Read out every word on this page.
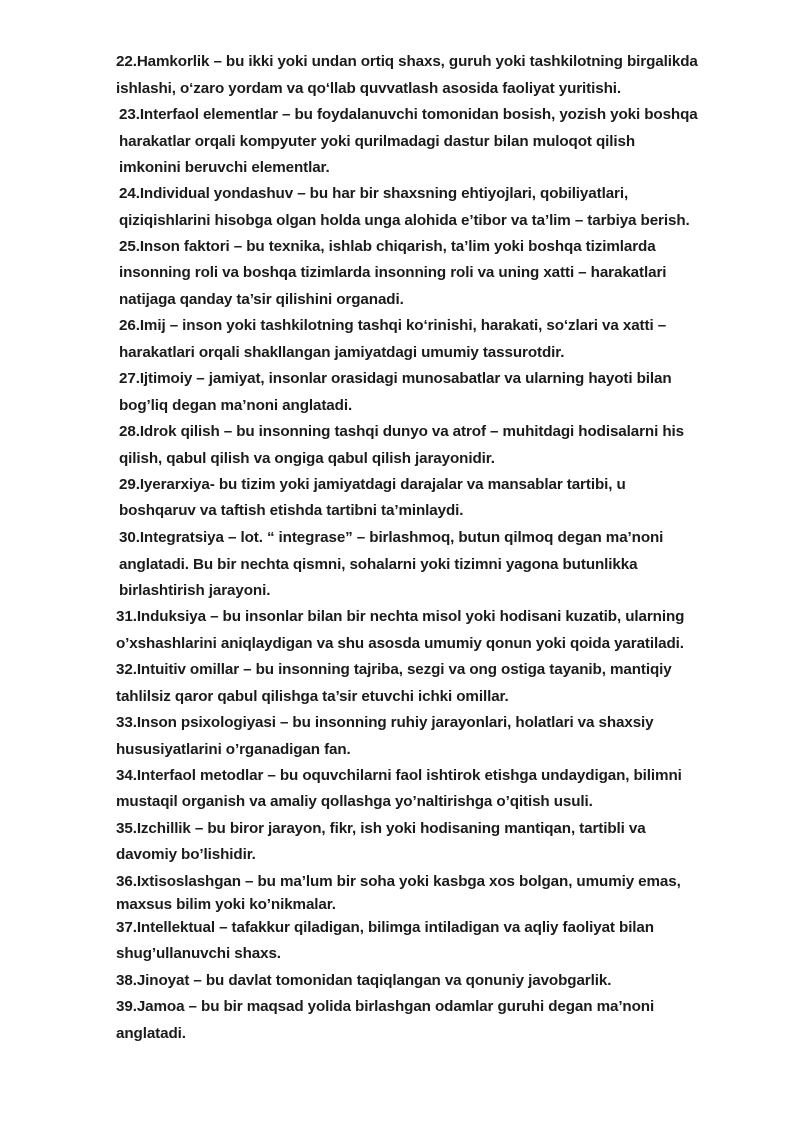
22.Hamkorlik – bu ikki yoki undan ortiq shaxs, guruh yoki tashkilotning birgalikda
ishlashi, o‘zaro yordam va qo‘llab quvvatlash asosida faoliyat yuritishi.
23.Interfaol elementlar – bu foydalanuvchi tomonidan bosish, yozish yoki boshqa
harakatlar orqali kompyuter yoki qurilmadagi dastur bilan muloqot qilish
imkonini beruvchi elementlar.
24.Individual yondashuv – bu har bir shaxsning ehtiyojlari, qobiliyatlari,
qiziqishlarini hisobga olgan holda unga alohida e’tibor va ta’lim – tarbiya berish.
25.Inson faktori – bu texnika, ishlab chiqarish, ta’lim yoki boshqa tizimlarda
insonning roli va boshqa tizimlarda insonning roli va uning xatti – harakatlari
natijaga qanday ta’sir qilishini organadi.
26.Imij – inson yoki tashkilotning tashqi ko‘rinishi, harakati, so‘zlari va xatti –
harakatlari orqali shakllangan jamiyatdagi umumiy tassurotdir.
27.Ijtimoiy – jamiyat, insonlar orasidagi munosabatlar va ularning hayoti bilan
bog’liq degan ma’noni anglatadi.
28.Idrok qilish – bu insonning tashqi dunyo va atrof – muhitdagi hodisalarni his
qilish, qabul qilish va ongiga qabul qilish jarayonidir.
29.Iyerarxiya- bu tizim yoki jamiyatdagi darajalar va mansablar tartibi, u
boshqaruv va taftish etishda tartibni ta’minlaydi.
30.Integratsiya – lot. “ integrase” – birlashmoq, butun qilmoq degan ma’noni
anglatadi. Bu bir nechta qismni, sohalarni yoki tizimni yagona butunlikka
birlashtirish jarayoni.
31.Induksiya – bu insonlar bilan bir nechta misol yoki hodisani kuzatib, ularning
o’xshashlarini aniqlaydigan va shu asosda umumiy qonun yoki qoida yaratiladi.
32.Intuitiv omillar – bu insonning tajriba, sezgi va ong ostiga tayanib, mantiqiy
tahlilsiz qaror qabul qilishga ta’sir etuvchi ichki omillar.
33.Inson psixologiyasi – bu insonning ruhiy jarayonlari, holatlari va shaxsiy
hususiyatlarini o’rganadigan fan.
34.Interfaol metodlar – bu oquvchilarni faol ishtirok etishga undaydigan, bilimni
mustaqil organish va amaliy qollashga yo’naltirishga o’qitish usuli.
35.Izchillik – bu biror jarayon, fikr, ish yoki hodisaning mantiqan, tartibli va
davomiy bo’lishidir.
36.Ixtisoslashgan – bu ma’lum bir soha yoki kasbga xos bolgan, umumiy emas,
maxsus bilim yoki ko’nikmalar.
37.Intellektual – tafakkur qiladigan, bilimga intiladigan va aqliy faoliyat bilan
shug’ullanuvchi shaxs.
38.Jinoyat – bu davlat tomonidan taqiqlangan va qonuniy javobgarlik.
39.Jamoa – bu bir maqsad yolida birlashgan odamlar guruhi degan ma’noni
anglatadi.
